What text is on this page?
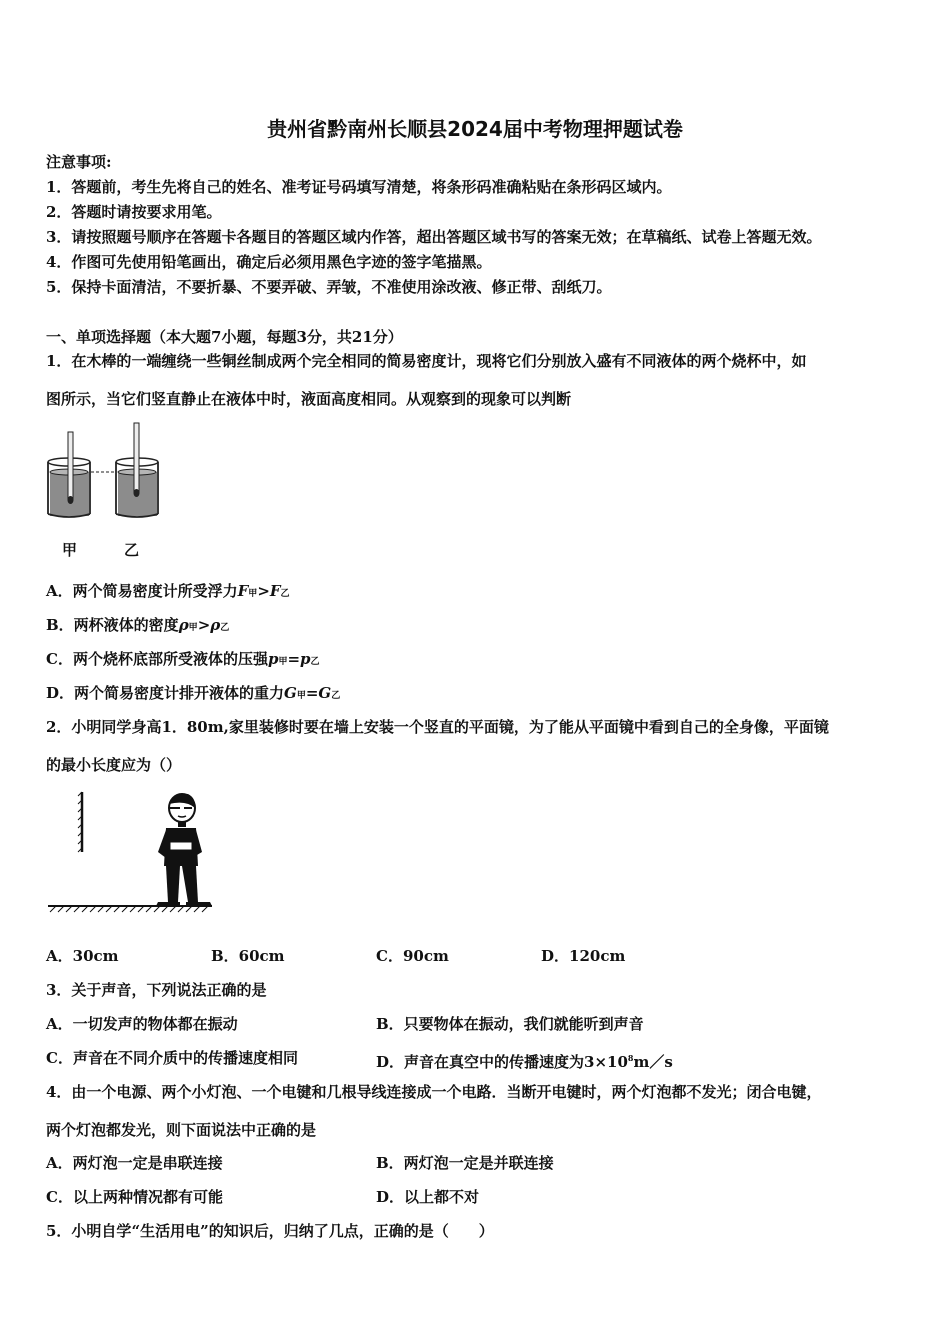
贵州省黔南州长顺县2024届中考物理押题试卷
注意事项:
1．答题前，考生先将自己的姓名、准考证号码填写清楚，将条形码准确粘贴在条形码区域内。
2．答题时请按要求用笔。
3．请按照题号顺序在答题卡各题目的答题区域内作答，超出答题区域书写的答案无效；在草稿纸、试卷上答题无效。
4．作图可先使用铅笔画出，确定后必须用黑色字迹的签字笔描黑。
5．保持卡面清洁，不要折暴、不要弄破、弄皱，不准使用涂改液、修正带、刮纸刀。
一、单项选择题（本大题7小题，每题3分，共21分）
1．在木棒的一端缠绕一些铜丝制成两个完全相同的简易密度计，现将它们分别放入盛有不同液体的两个烧杯中，如
图所示，当它们竖直静止在液体中时，液面高度相同。从观察到的现象可以判断
甲	乙
A．两个简易密度计所受浮力F甲>F乙
B．两杯液体的密度ρ甲>ρ乙
C．两个烧杯底部所受液体的压强p甲=p乙
D．两个简易密度计排开液体的重力G甲=G乙
2．小明同学身高1．80m,家里装修时要在墙上安装一个竖直的平面镜，为了能从平面镜中看到自己的全身像，平面镜
的最小长度应为（）
A．30cm	B．60cm	C．90cm	D．120cm
3．关于声音，下列说法正确的是
A．一切发声的物体都在振动	B．只要物体在振动，我们就能听到声音
C．声音在不同介质中的传播速度相同	D．声音在真空中的传播速度为$3\times 10^8m/s$
4．由一个电源、两个小灯泡、一个电键和几根导线连接成一个电路．当断开电键时，两个灯泡都不发光；闭合电键，
两个灯泡都发光，则下面说法中正确的是
A．两灯泡一定是串联连接	B．两灯泡一定是并联连接
C．以上两种情况都有可能	D．以上都不对
5．小明自学“生活用电”的知识后，归纳了几点，正确的是（　　）
